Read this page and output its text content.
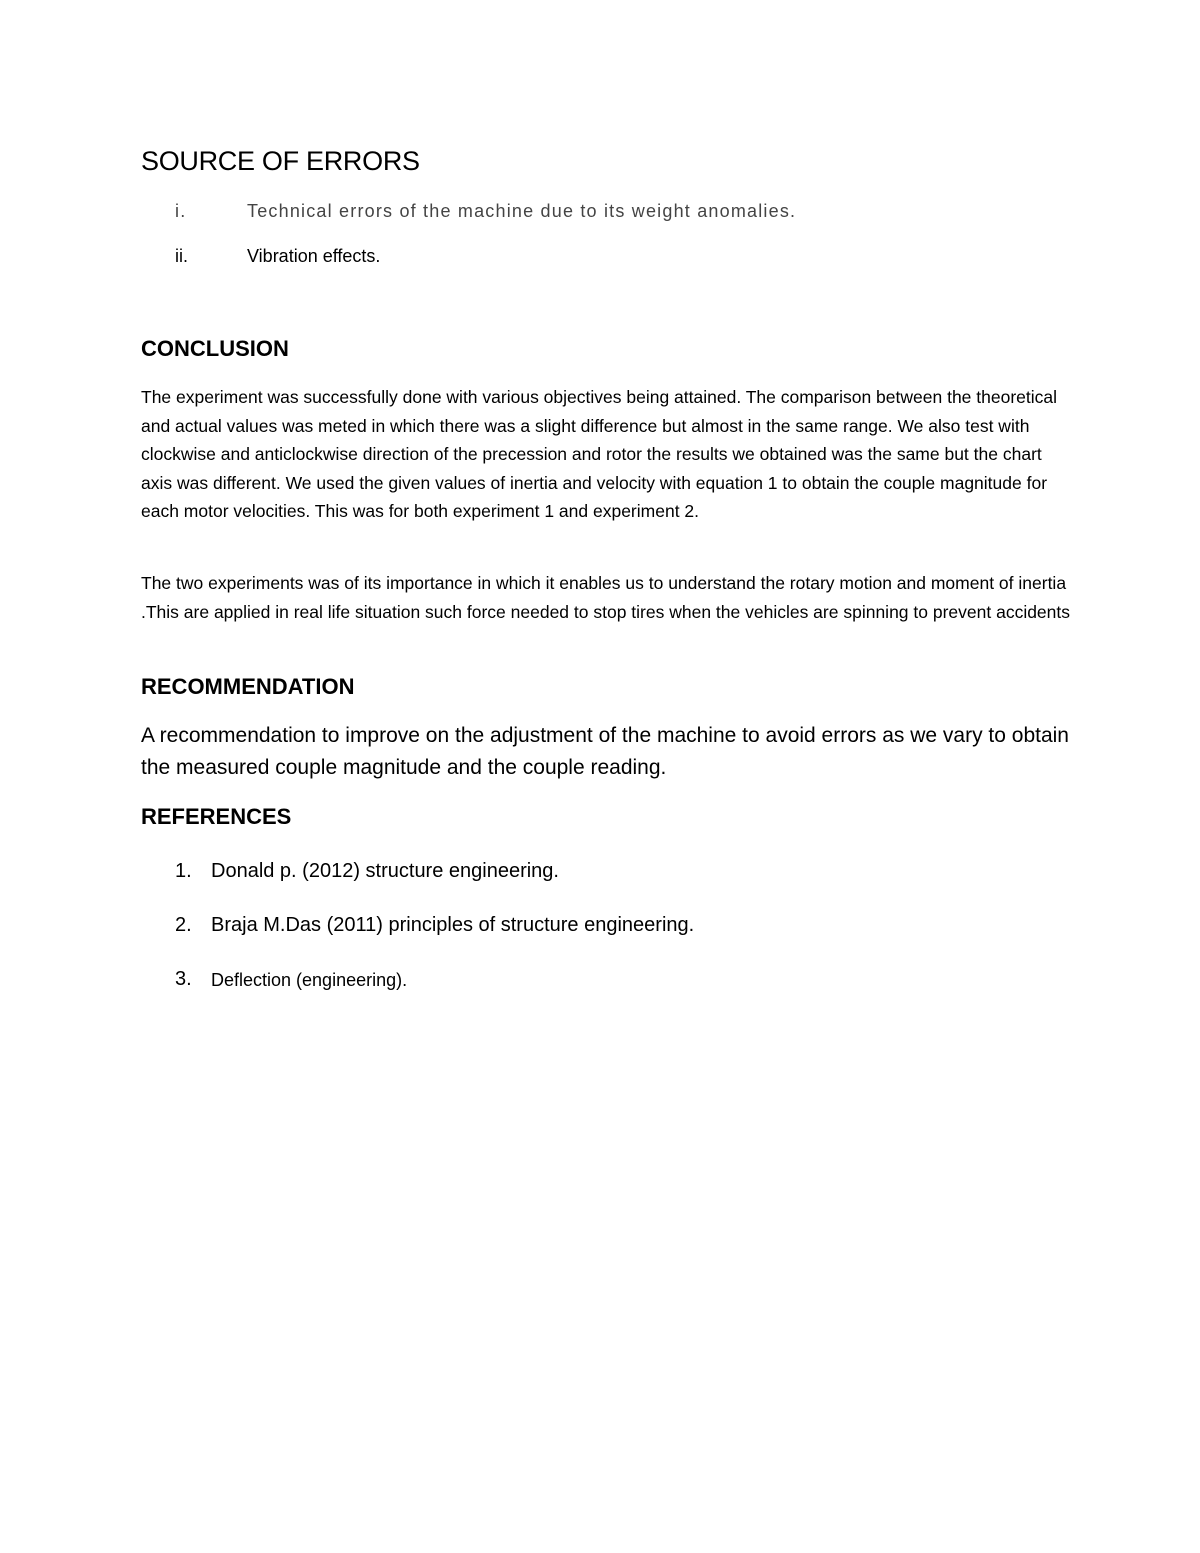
SOURCE OF ERRORS
i.	Technical errors of the machine due to its weight anomalies.
ii.	Vibration effects.
CONCLUSION

The experiment was successfully done with various objectives being attained. The comparison between the theoretical and actual values was meted in which there was a slight difference but almost in the same range. We also test with clockwise and anticlockwise direction of the precession and rotor the results we obtained was the same but the chart axis was different. We used the given values of inertia and velocity with equation 1 to obtain the couple magnitude for each motor velocities. This was for both experiment 1 and experiment 2.

The two experiments was of its importance in which it enables us to understand the rotary motion and moment of inertia .This are applied in real life situation such force needed to stop tires when the vehicles are spinning to prevent accidents

RECOMMENDATION

A recommendation to improve on the adjustment of the machine to avoid errors as we vary to obtain the measured couple magnitude and the couple reading.

REFERENCES
1. Donald p. (2012) structure engineering.
2. Braja M.Das (2011) principles of structure engineering.
3.	Deflection (engineering).
